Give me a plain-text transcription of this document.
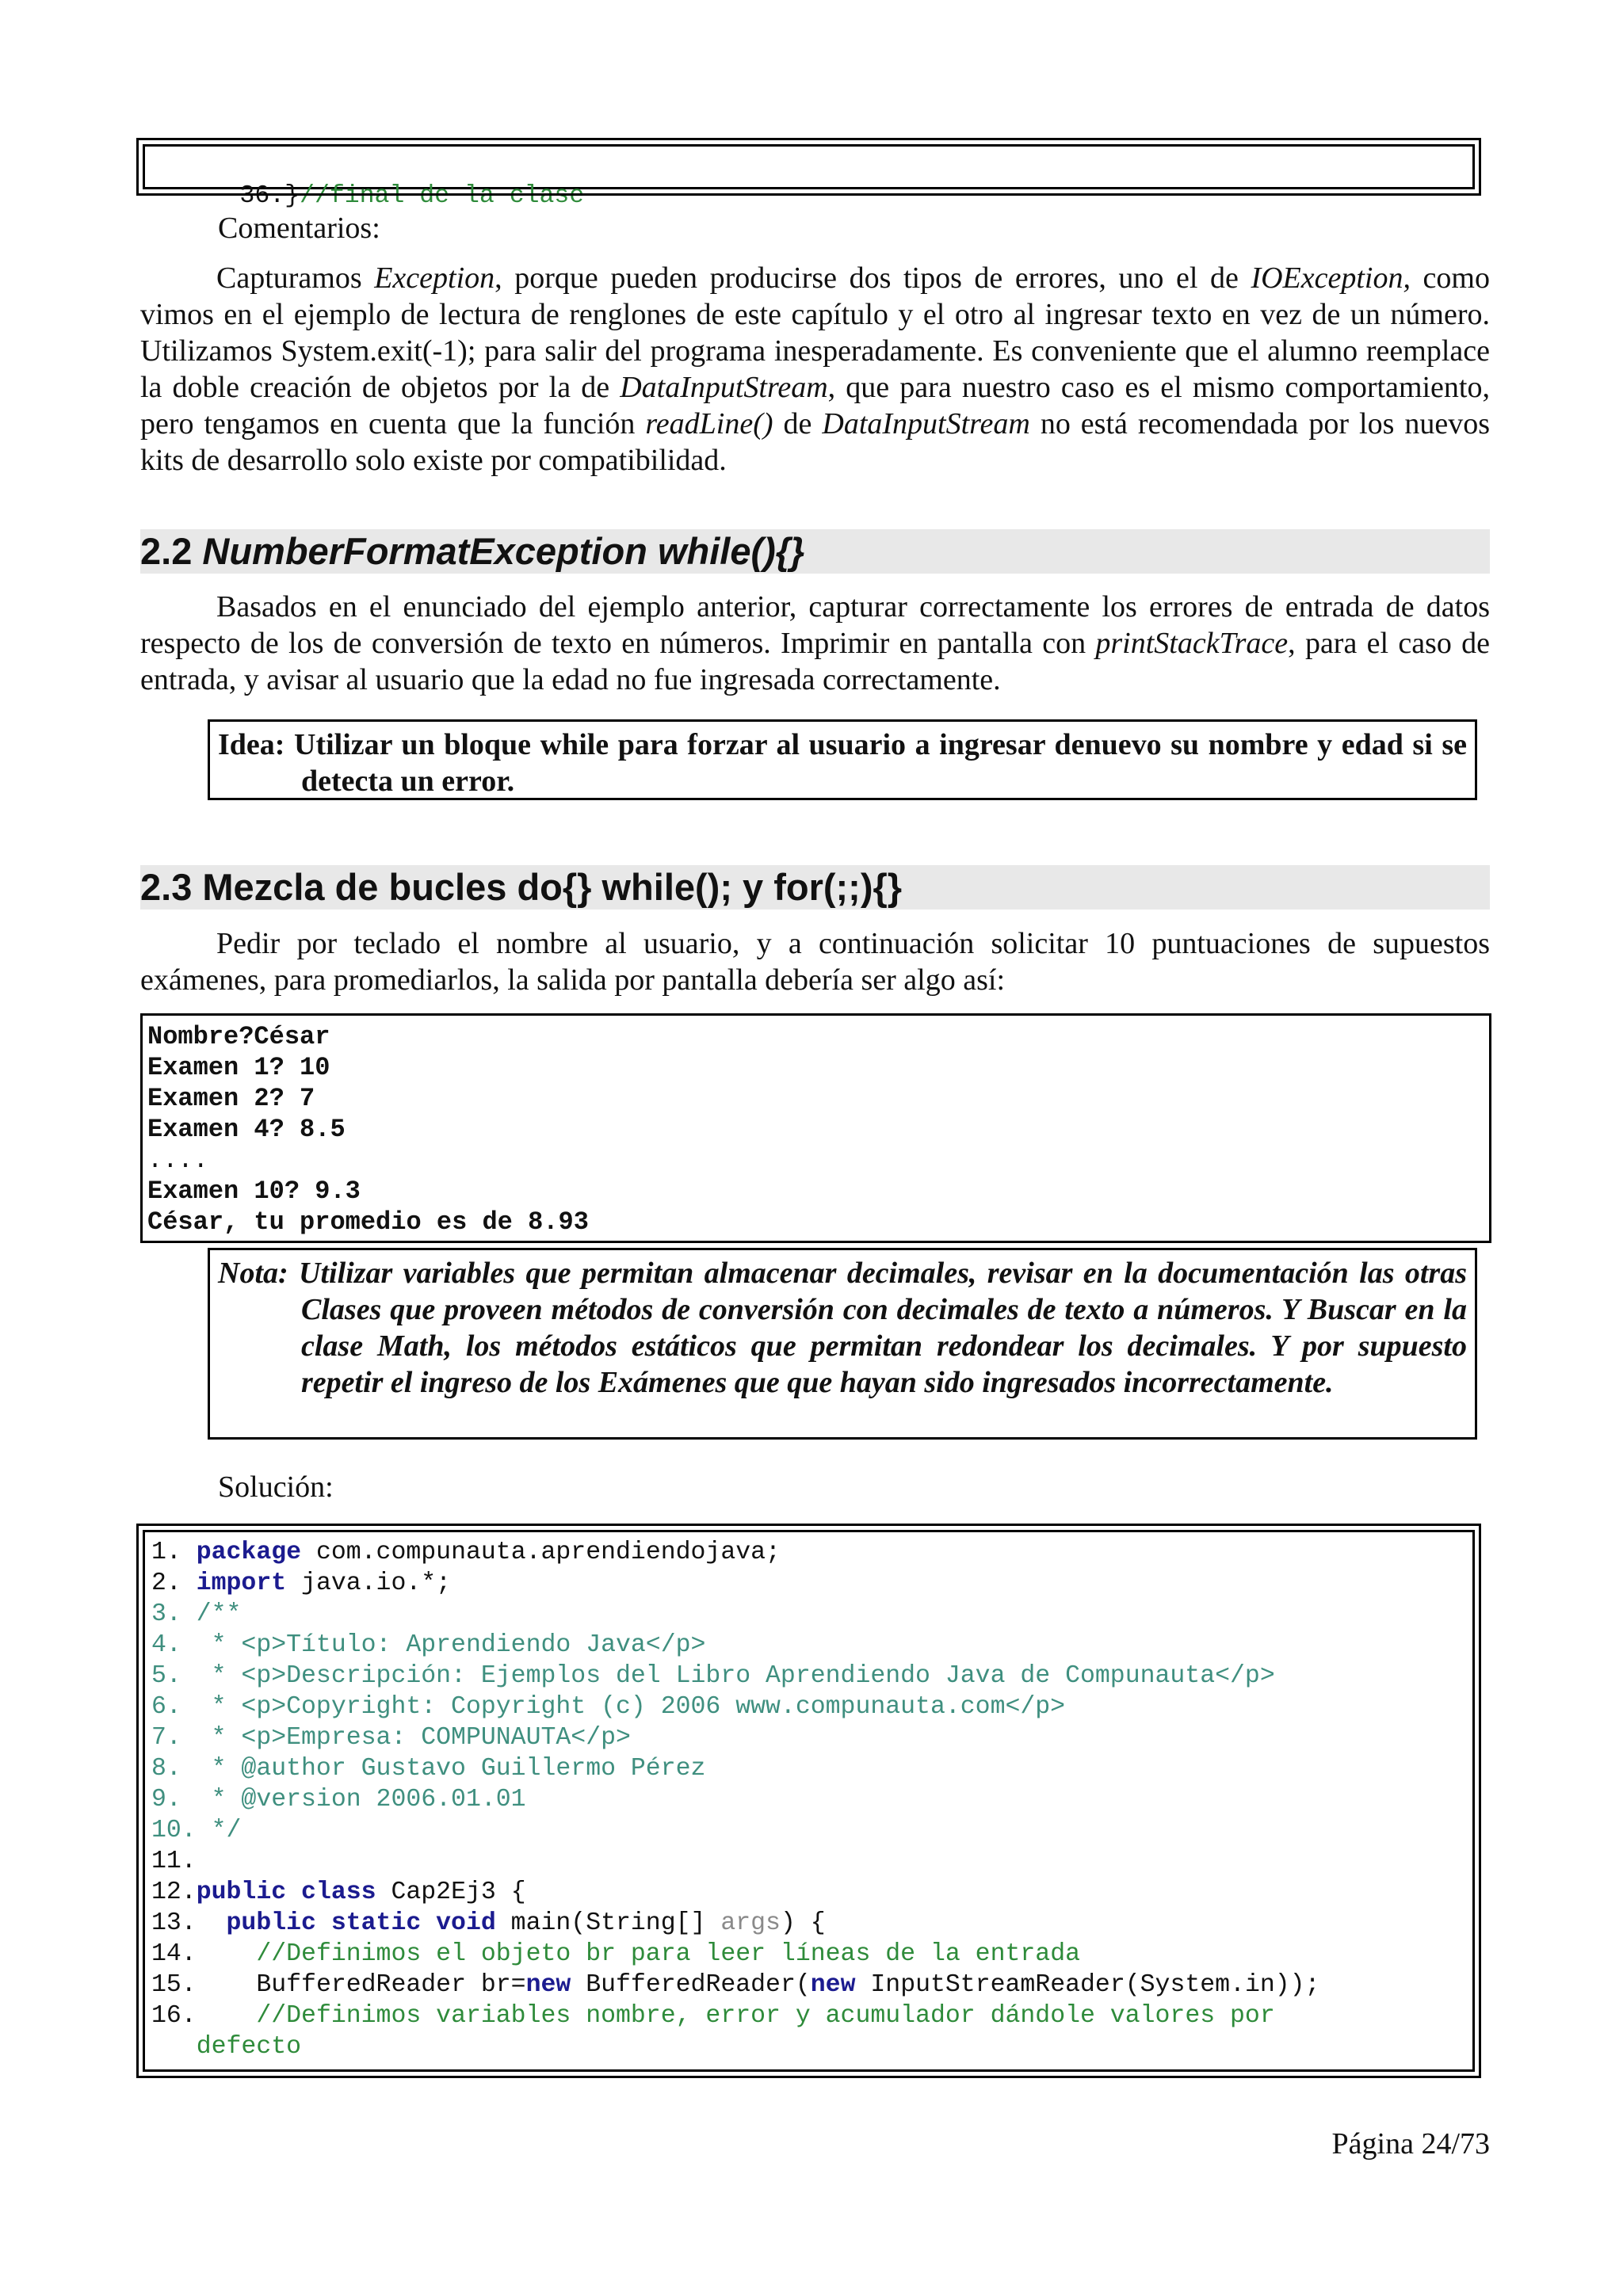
36.}//final de la clase

Comentarios:
Capturamos Exception, porque pueden producirse dos tipos de errores, uno el de IOException, como vimos en el ejemplo de lectura de renglones de este capítulo y el otro al ingresar texto en vez de un número. Utilizamos System.exit(-1); para salir del programa inesperadamente. Es conveniente que el alumno reemplace la doble creación de objetos por la de DataInputStream, que para nuestro caso es el mismo comportamiento, pero tengamos en cuenta que la función readLine() de DataInputStream no está recomendada por los nuevos kits de desarrollo solo existe por compatibilidad.
2.2 NumberFormatException while(){}
Basados en el enunciado del ejemplo anterior, capturar correctamente los errores de entrada de datos respecto de los de conversión de texto en números. Imprimir en pantalla con printStackTrace, para el caso de entrada, y avisar al usuario que la edad no fue ingresada correctamente.
Idea: Utilizar un bloque while para forzar al usuario a ingresar denuevo su nombre y edad si se detecta un error.
2.3 Mezcla de bucles do{} while(); y for(;;){}
Pedir por teclado el nombre al usuario, y a continuación solicitar 10 puntuaciones de supuestos exámenes, para promediarlos, la salida por pantalla debería ser algo así:
Nombre?César
Examen 1? 10
Examen 2? 7
Examen 4? 8.5
....
Examen 10? 9.3
César, tu promedio es de 8.93
Nota: Utilizar variables que permitan almacenar decimales, revisar en la documentación las otras Clases que proveen métodos de conversión con decimales de texto a números. Y Buscar en la clase Math, los métodos estáticos que permitan redondear los decimales. Y por supuesto repetir el ingreso de los Exámenes que que hayan sido ingresados incorrectamente.
Solución:
1. package com.compunauta.aprendiendojava;
2. import java.io.*;
3. /**
4.  * <p>Título: Aprendiendo Java</p>
5.  * <p>Descripción: Ejemplos del Libro Aprendiendo Java de Compunauta</p>
6.  * <p>Copyright: Copyright (c) 2006 www.compunauta.com</p>
7.  * <p>Empresa: COMPUNAUTA</p>
8.  * @author Gustavo Guillermo Pérez
9.  * @version 2006.01.01
10. */
11.
12.public class Cap2Ej3 {
13.  public static void main(String[] args) {
14.    //Definimos el objeto br para leer líneas de la entrada
15.    BufferedReader br=new BufferedReader(new InputStreamReader(System.in));
16.    //Definimos variables nombre, error y acumulador dándole valores por
defecto
Página 24/73
